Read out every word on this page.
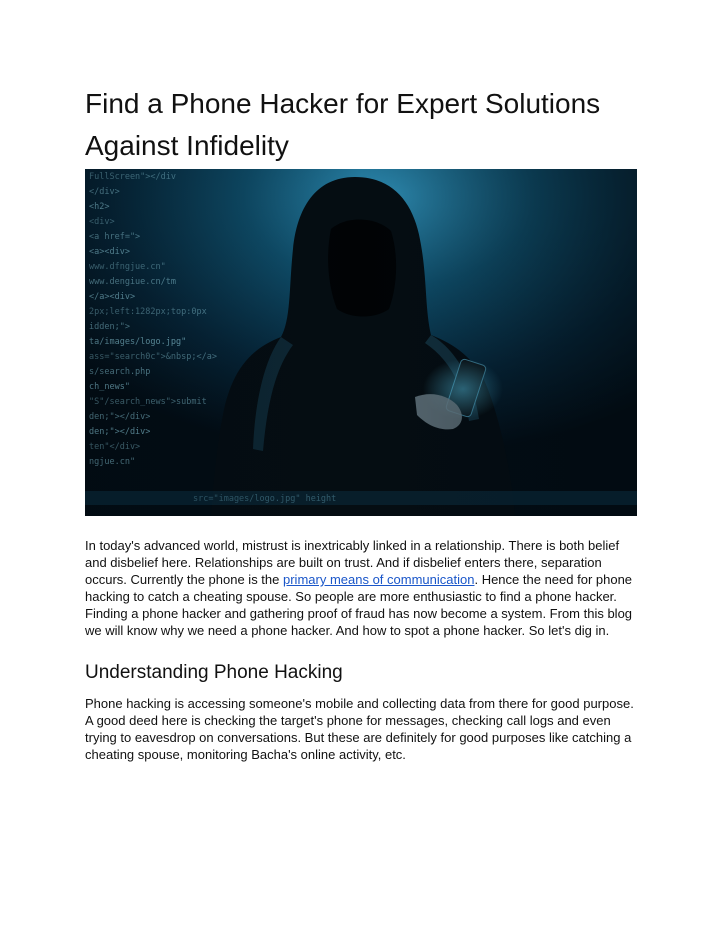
Find a Phone Hacker for Expert Solutions Against Infidelity

In today's advanced world, mistrust is inextricably linked in a relationship. There is both belief and disbelief here. Relationships are built on trust. And if disbelief enters there, separation occurs. Currently the phone is the primary means of communication. Hence the need for phone hacking to catch a cheating spouse. So people are more enthusiastic to find a phone hacker. Finding a phone hacker and gathering proof of fraud has now become a system. From this blog we will know why we need a phone hacker. And how to spot a phone hacker. So let's dig in.

Understanding Phone Hacking

Phone hacking is accessing someone's mobile and collecting data from there for good purpose. A good deed here is checking the target's phone for messages, checking call logs and even trying to eavesdrop on conversations. But these are definitely for good purposes like catching a cheating spouse, monitoring Bacha's online activity, etc.
